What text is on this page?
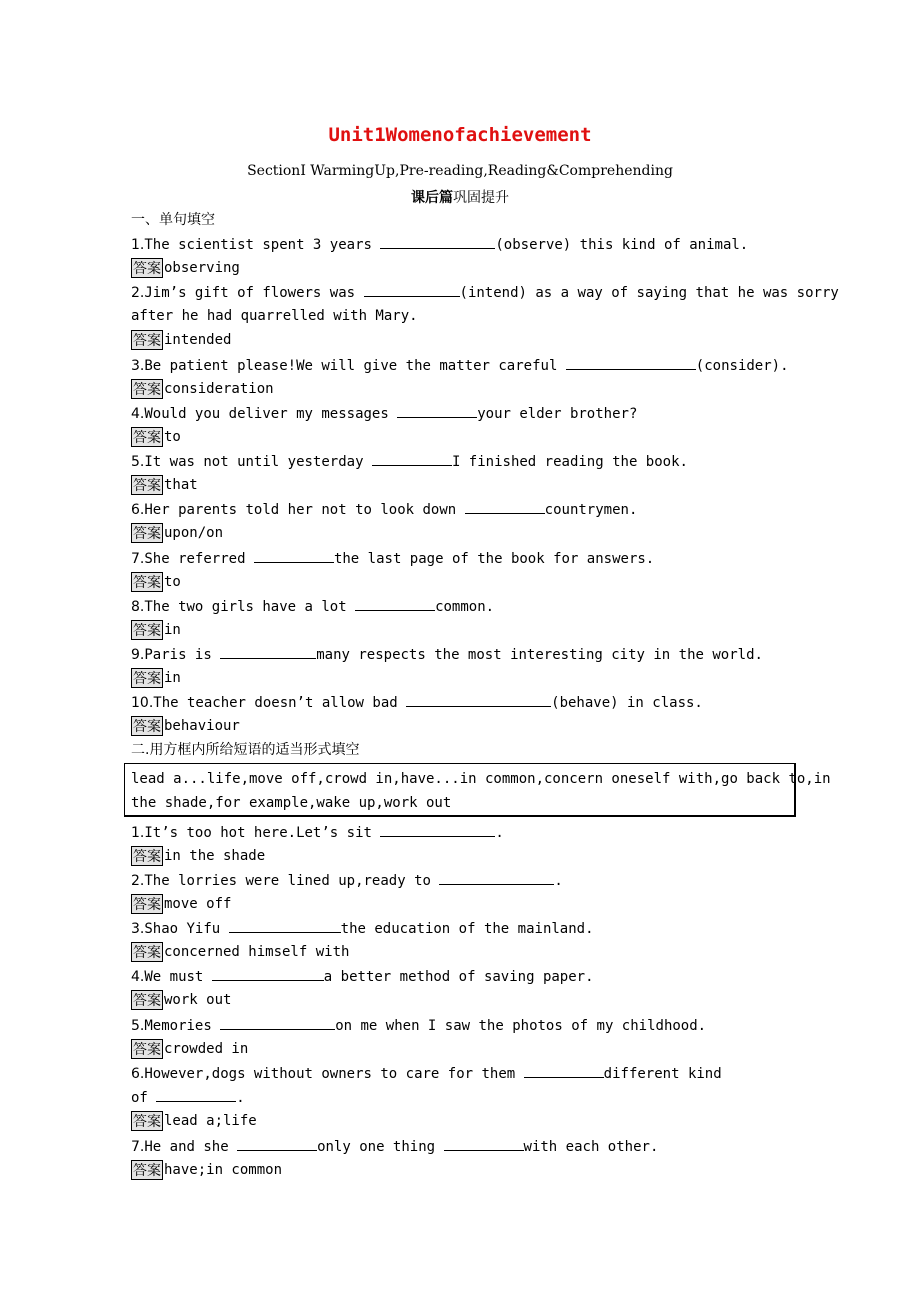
Unit1Womenofachievement
SectionⅠ WarmingUp,Pre-reading,Reading&Comprehending
课后篇巩固提升
一、单句填空
1.The scientist spent 3 years	(observe) this kind of animal.
答案 observing
2.Jim’s gift of flowers was	(intend) as a way of saying that he was sorry
after he had quarrelled with Mary.
答案 intended
3.Be patient please!We will give the matter careful	(consider).
答案 consideration
4.Would you deliver my messages	your elder brother?
答案 to
5.It was not until yesterday	I finished reading the book.
答案 that
6.Her parents told her not to look down	countrymen.
答案 upon/on
7.She referred	the last page of the book for answers.
答案 to
8.The two girls have a lot	common.
答案 in
9.Paris is	many respects the most interesting city in the world.
答案 in
10.The teacher doesn’t allow bad	(behave) in class.
答案 behaviour
二.用方框内所给短语的适当形式填空
lead a...life,move off,crowd in,have...in common,concern oneself with,go back to,in
the shade,for example,wake up,work out
1.It’s too hot here.Let’s sit	.
答案 in the shade
2.The lorries were lined up,ready to	.
答案 move off
3.Shao Yifu	the education of the mainland.
答案 concerned himself with
4.We must	a better method of saving paper.
答案 work out
5.Memories	on me when I saw the photos of my childhood.
答案 crowded in
6.However,dogs without owners to care for them	different kind
of	.
答案 lead a;life
7.He and she	only one thing	with each other.
答案 have;in common
